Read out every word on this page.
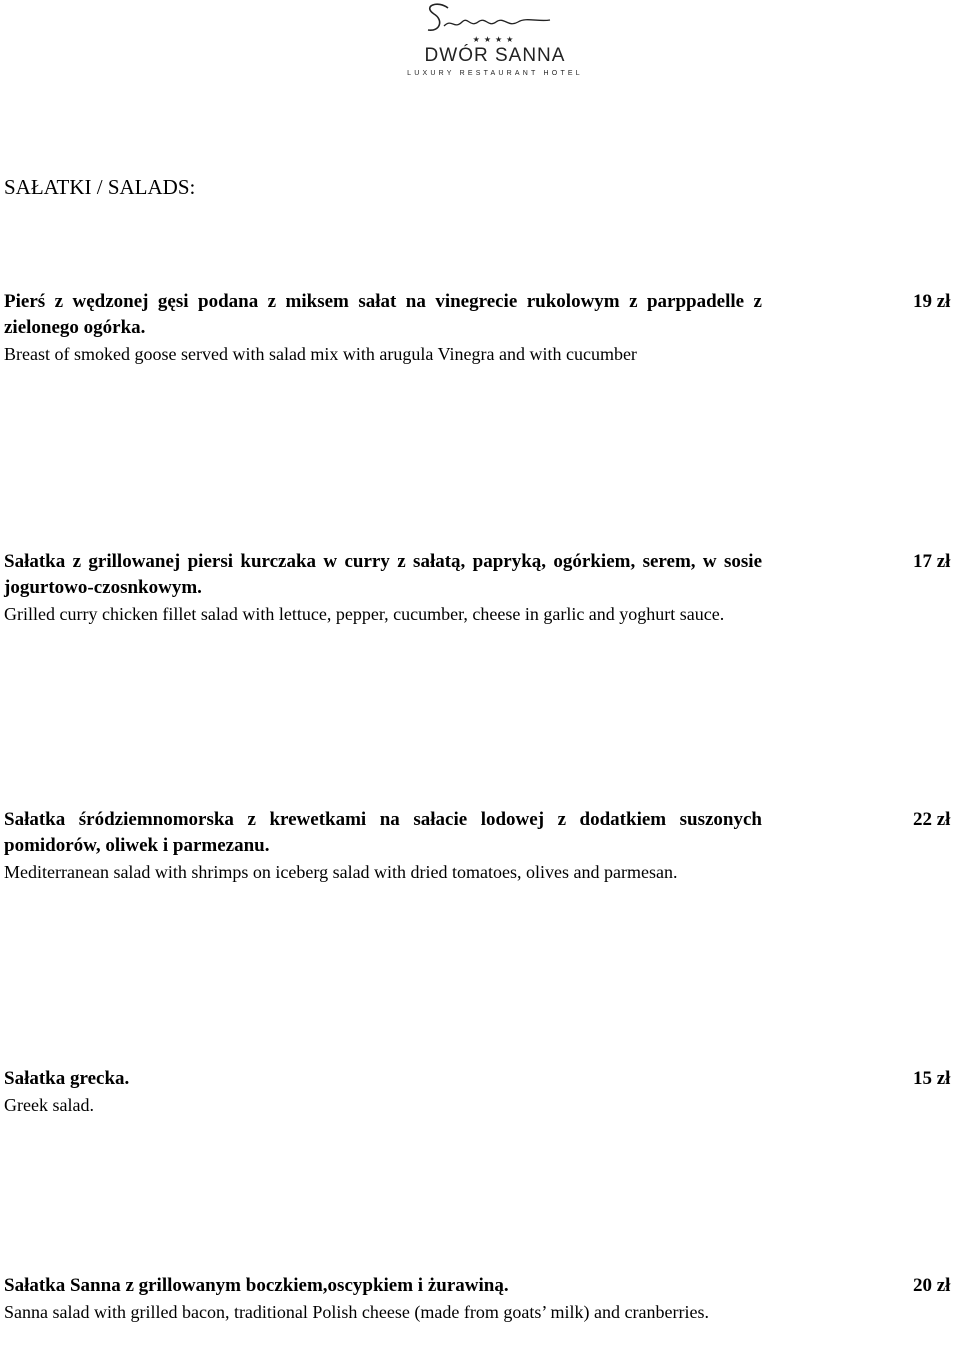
★★★★
DWÓR SANNA
LUXURY RESTAURANT HOTEL
SAŁATKI / SALADS:
Pierś z wędzonej gęsi podana z miksem sałat na vinegrecie rukolowym z parppadelle z zielonego ogórka.
Breast of smoked goose served with salad mix with arugula Vinegra and with cucumber
19 zł
Sałatka z grillowanej piersi kurczaka w curry z sałatą, papryką, ogórkiem, serem, w sosie jogurtowo-czosnkowym.
Grilled curry chicken fillet salad with lettuce, pepper, cucumber, cheese in garlic and yoghurt sauce.
17 zł
Sałatka śródziemnomorska z krewetkami na sałacie lodowej z dodatkiem suszonych pomidorów, oliwek i parmezanu.
Mediterranean salad with shrimps on iceberg salad with dried tomatoes, olives and parmesan.
22 zł
Sałatka grecka.
Greek salad.
15 zł
Sałatka Sanna z grillowanym boczkiem,oscypkiem i żurawiną.
Sanna salad with grilled bacon, traditional Polish cheese (made from goats’ milk) and cranberries.
20 zł
